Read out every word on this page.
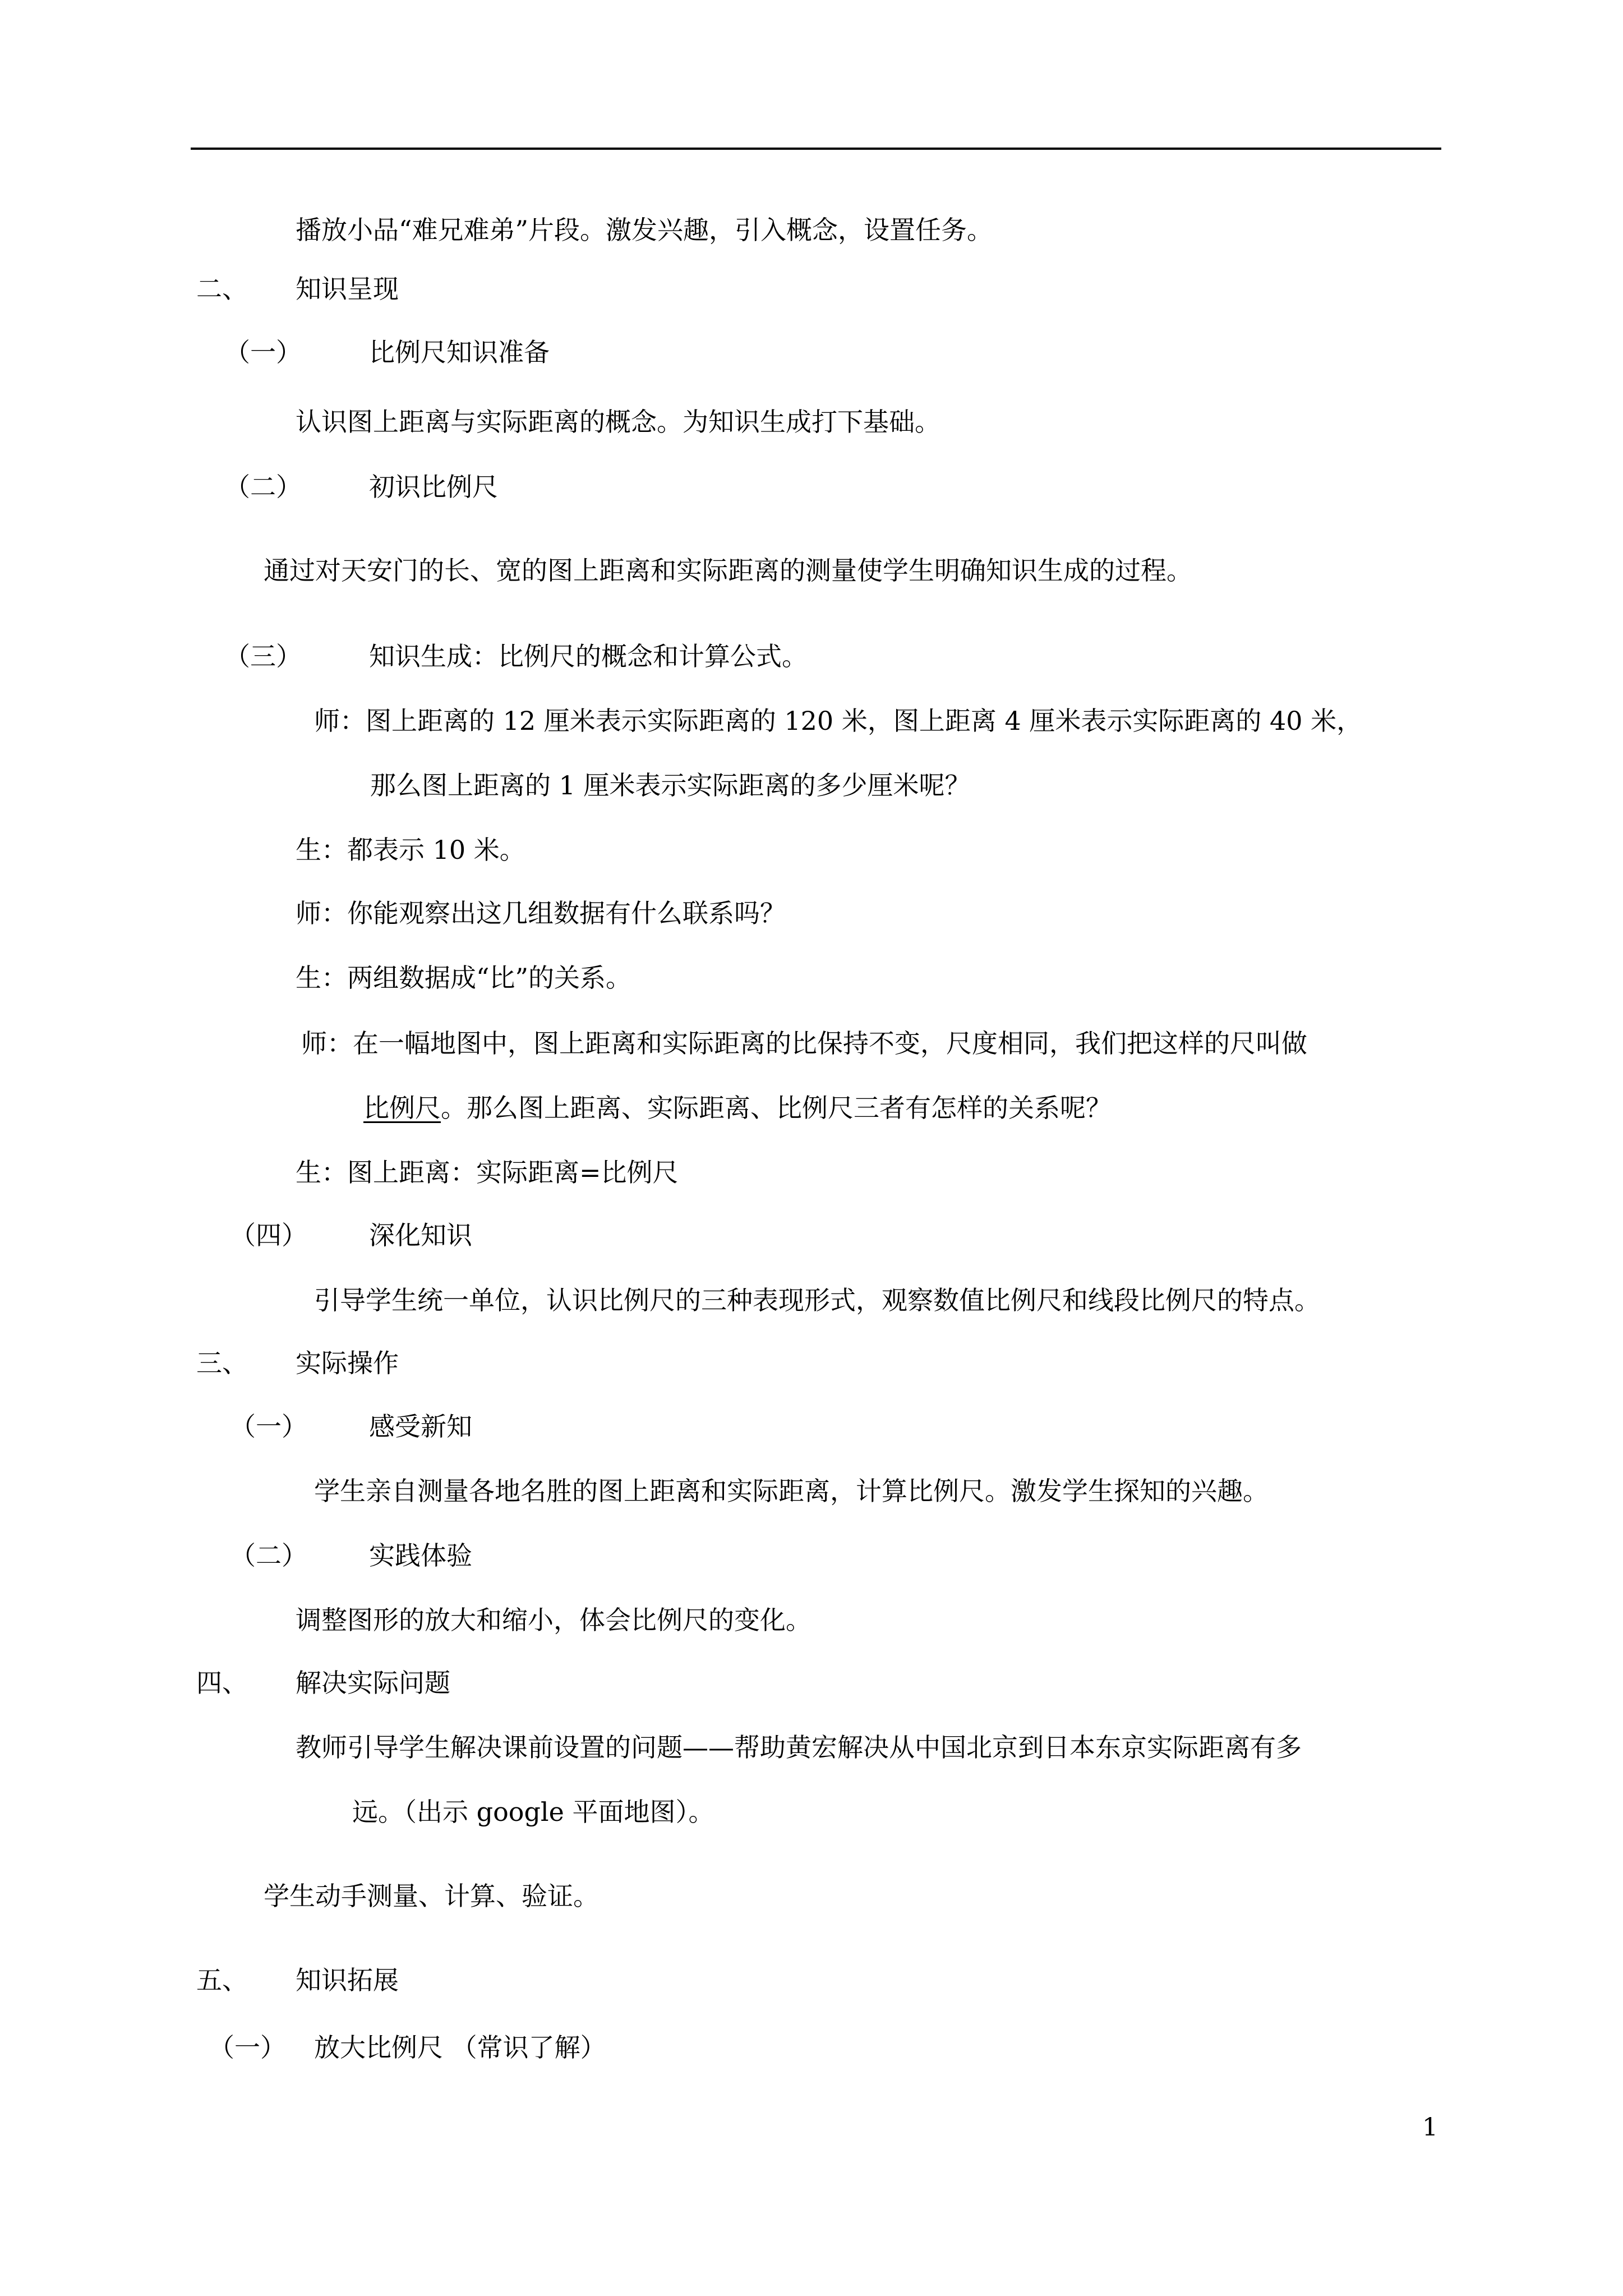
播放小品“难兄难弟”片段。激发兴趣，引入概念，设置任务。
二、 知识呈现
（一）	比例尺知识准备
认识图上距离与实际距离的概念。为知识生成打下基础。
（二）	初识比例尺
通过对天安门的长、宽的图上距离和实际距离的测量使学生明确知识生成的过程。
（三）	知识生成：比例尺的概念和计算公式。
师：图上距离的 12 厘米表示实际距离的 120 米，图上距离 4 厘米表示实际距离的 40 米，
那么图上距离的 1 厘米表示实际距离的多少厘米呢？
生：都表示 10 米。
师：你能观察出这几组数据有什么联系吗？
生：两组数据成“比”的关系。
师：在一幅地图中，图上距离和实际距离的比保持不变，尺度相同，我们把这样的尺叫做
比例尺。那么图上距离、实际距离、比例尺三者有怎样的关系呢？
生：图上距离：实际距离=比例尺
（四） 深化知识
引导学生统一单位，认识比例尺的三种表现形式，观察数值比例尺和线段比例尺的特点。
三、 实际操作
（一） 感受新知
学生亲自测量各地名胜的图上距离和实际距离，计算比例尺。激发学生探知的兴趣。
（二） 实践体验
调整图形的放大和缩小，体会比例尺的变化。
四、 解决实际问题
教师引导学生解决课前设置的问题——帮助黄宏解决从中国北京到日本东京实际距离有多
远。（出示 google 平面地图）。
学生动手测量、计算、验证。
五、 知识拓展
（一） 放大比例尺 （常识了解）
1
